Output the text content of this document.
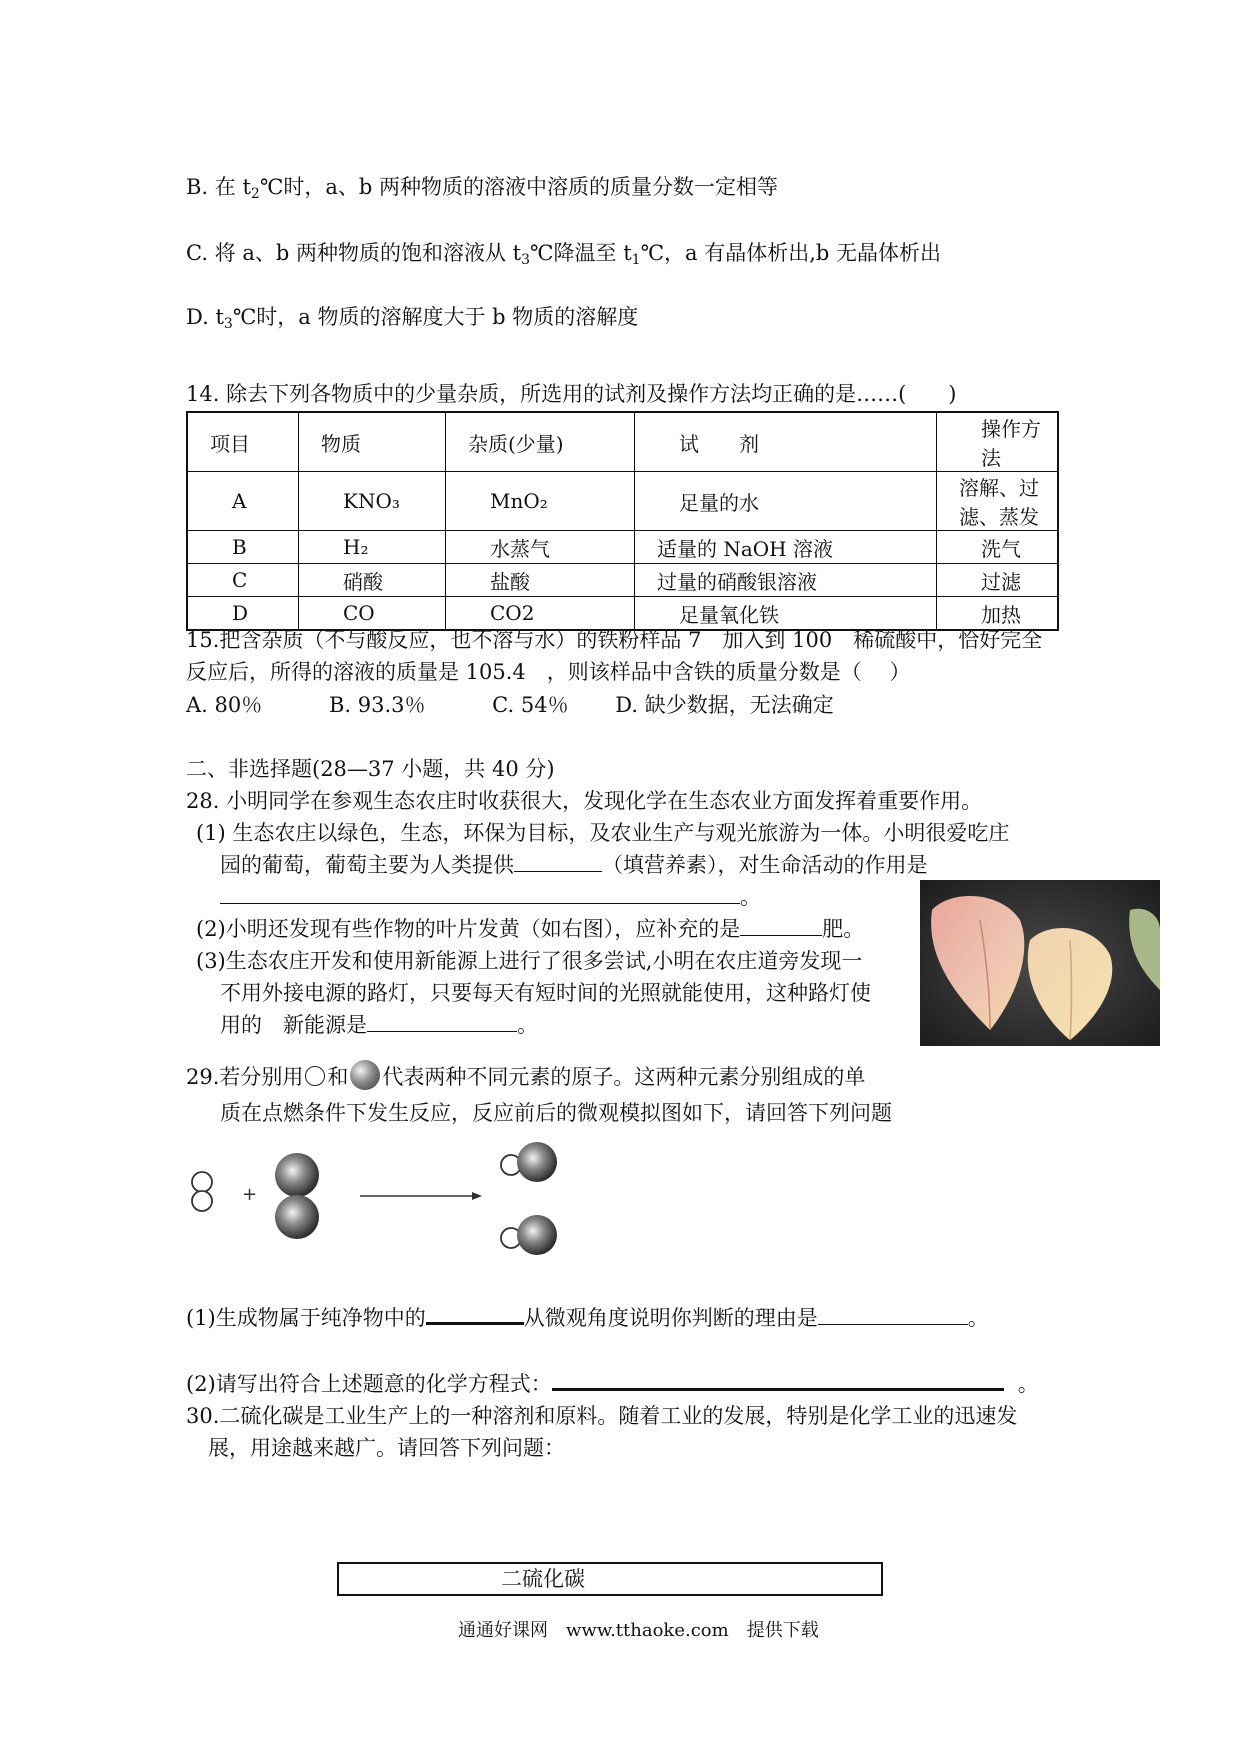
B. 在 $t_2℃$时，a、b 两种物质的溶液中溶质的质量分数一定相等
C. 将 a、b 两种物质的饱和溶液从 $t_3℃$降温至 $t_1℃$，a 有晶体析出,b 无晶体析出
D. $t_3℃$时，a 物质的溶解度大于 b 物质的溶解度
14. 除去下列各物质中的少量杂质，所选用的试剂及操作方法均正确的是……(　　)
项目	物质	杂质(少量)	试　　剂	操作方法
A	KNO₃	MnO₂	足量的水	溶解、过滤、蒸发
B	H₂	水蒸气	适量的 NaOH 溶液	洗气
C	硝酸	盐酸	过量的硝酸银溶液	过滤
D	CO	CO2	足量氧化铁	加热
15.把含杂质（不与酸反应，也不溶与水）的铁粉样品 7　加入到 100　稀硫酸中，恰好完全
反应后，所得的溶液的质量是 105.4　，则该样品中含铁的质量分数是（　 ）
A. 80％	B. 93.3％	C. 54％ D. 缺少数据，无法确定
二、非选择题(28—37 小题，共 40 分)
28. 小明同学在参观生态农庄时收获很大，发现化学在生态农业方面发挥着重要作用。
(1) 生态农庄以绿色，生态，环保为目标，及农业生产与观光旅游为一体。小明很爱吃庄
园的葡萄，葡萄主要为人类提供	（填营养素），对生命活动的作用是
。
(2)小明还发现有些作物的叶片发黄（如右图），应补充的是	肥。
(3)生态农庄开发和使用新能源上进行了很多尝试,小明在农庄道旁发现一
不用外接电源的路灯，只要每天有短时间的光照就能使用，这种路灯使
用的　新能源是	。
29.若分别用 和 代表两种不同元素的原子。这两种元素分别组成的单
质在点燃条件下发生反应，反应前后的微观模拟图如下，请回答下列问题
+
(1)生成物属于纯净物中的	从微观角度说明你判断的理由是	。
(2)请写出符合上述题意的化学方程式：	。
30.二硫化碳是工业生产上的一种溶剂和原料。随着工业的发展，特别是化学工业的迅速发
展，用途越来越广。请回答下列问题：
二硫化碳
通通好课网　www.tthaoke.com　提供下载
